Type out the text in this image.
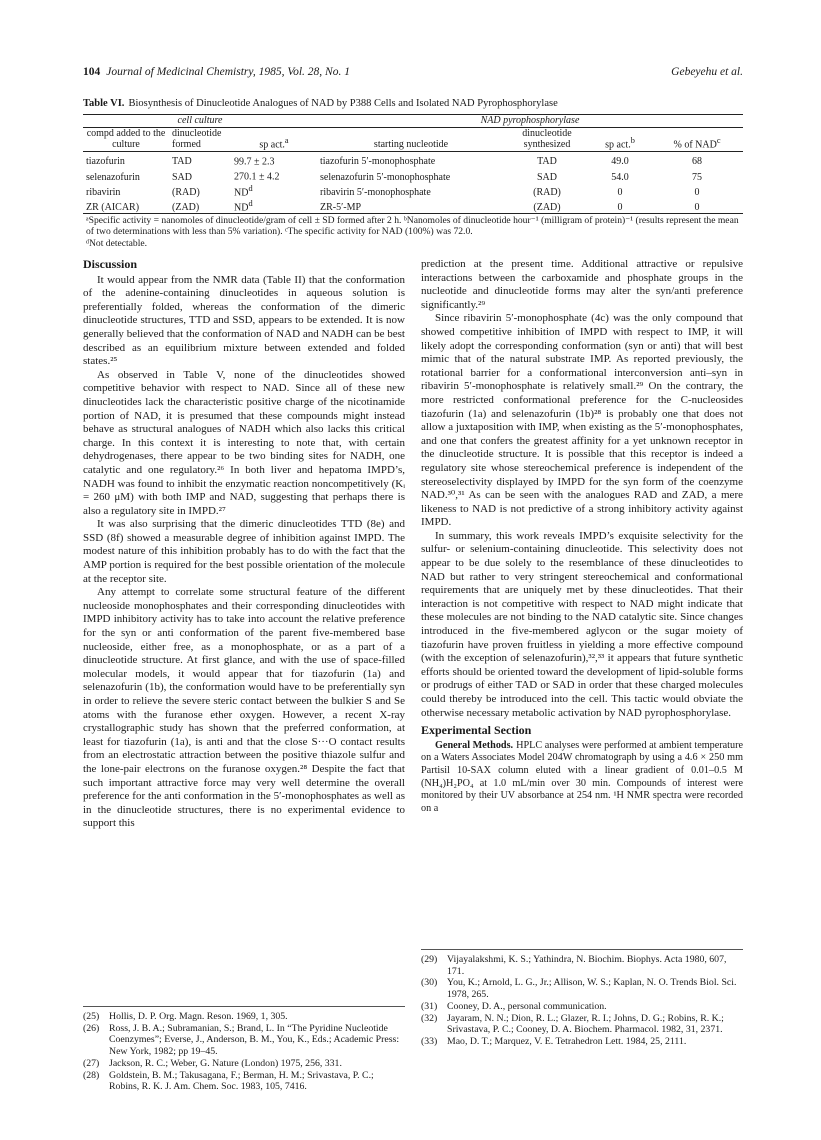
104 Journal of Medicinal Chemistry, 1985, Vol. 28, No. 1	Gebeyehu et al.
Table VI. Biosynthesis of Dinucleotide Analogues of NAD by P388 Cells and Isolated NAD Pyrophosphorylase
cell culture			NAD pyrophosphorylase			
compd added to the culture	dinucleotide formed	sp act.$^a$	starting nucleotide	dinucleotide synthesized	sp act.$^b$	% of NAD$^c$
tiazofurin	TAD	99.7 ± 2.3	tiazofurin 5′-monophosphate	TAD	49.0	68
selenazofurin	SAD	270.1 ± 4.2	selenazofurin 5′-monophosphate	SAD	54.0	75
ribavirin	(RAD)	$ND^d$	ribavirin 5′-monophosphate	(RAD)	0	0
ZR (AICAR)	(ZAD)	$ND^d$	ZR-5′-MP	(ZAD)	0	0
ᵃSpecific activity = nanomoles of dinucleotide/gram of cell ± SD formed after 2 h. ᵇNanomoles of dinucleotide hour⁻¹ (milligram of protein)⁻¹ (results represent the mean of two determinations with less than 5% variation). ᶜThe specific activity for NAD (100%) was 72.0.						
ᵈNot detectable.						
Discussion

It would appear from the NMR data (Table II) that the conformation of the adenine-containing dinucleotides in aqueous solution is preferentially folded, whereas the conformation of the dimeric dinucleotide structures, TTD and SSD, appears to be extended. It is now generally believed that the conformation of NAD and NADH can be best described as an equilibrium mixture between extended and folded states.²⁵

As observed in Table V, none of the dinucleotides showed competitive behavior with respect to NAD. Since all of these new dinucleotides lack the characteristic positive charge of the nicotinamide portion of NAD, it is presumed that these compounds might instead behave as structural analogues of NADH which also lacks this critical charge. In this context it is interesting to note that, with certain dehydrogenases, there appear to be two binding sites for NADH, one catalytic and one regulatory.²⁶ In both liver and hepatoma IMPD’s, NADH was found to inhibit the enzymatic reaction noncompetitively (Kᵢ = 260 μM) with both IMP and NAD, suggesting that perhaps there is also a regulatory site in IMPD.²⁷

It was also surprising that the dimeric dinucleotides TTD (8e) and SSD (8f) showed a measurable degree of inhibition against IMPD. The modest nature of this inhibition probably has to do with the fact that the AMP portion is required for the best possible orientation of the molecule at the receptor site.

Any attempt to correlate some structural feature of the different nucleoside monophosphates and their corresponding dinucleotides with IMPD inhibitory activity has to take into account the relative preference for the syn or anti conformation of the parent five-membered base nucleoside, either free, as a monophosphate, or as a part of a dinucleotide structure. At first glance, and with the use of space-filled molecular models, it would appear that for tiazofurin (1a) and selenazofurin (1b), the conformation would have to be preferentially syn in order to relieve the severe steric contact between the bulkier S and Se atoms with the furanose ether oxygen. However, a recent X-ray crystallographic study has shown that the preferred conformation, at least for tiazofurin (1a), is anti and that the close S···O contact results from an electrostatic attraction between the positive thiazole sulfur and the lone-pair electrons on the furanose oxygen.²⁸ Despite the fact that such important attractive force may very well determine the overall preference for the anti conformation in the 5′-monophosphates as well as in the dinucleotide structures, there is no experimental evidence to support this

prediction at the present time. Additional attractive or repulsive interactions between the carboxamide and phosphate groups in the nucleotide and dinucleotide forms may alter the syn/anti preference significantly.²⁹

Since ribavirin 5′-monophosphate (4c) was the only compound that showed competitive inhibition of IMPD with respect to IMP, it will likely adopt the corresponding conformation (syn or anti) that will best mimic that of the natural substrate IMP. As reported previously, the rotational barrier for a conformational interconversion anti–syn in ribavirin 5′-monophosphate is relatively small.²⁹ On the contrary, the more restricted conformational preference for the C-nucleosides tiazofurin (1a) and selenazofurin (1b)²⁸ is probably one that does not allow a juxtaposition with IMP, when existing as the 5′-monophosphates, and one that confers the greatest affinity for a yet unknown receptor in the dinucleotide structure. It is possible that this receptor is indeed a regulatory site whose stereochemical preference is independent of the stereoselectivity displayed by IMPD for the syn form of the coenzyme NAD.³⁰,³¹ As can be seen with the analogues RAD and ZAD, a mere likeness to NAD is not predictive of a strong inhibitory activity against IMPD.

In summary, this work reveals IMPD’s exquisite selectivity for the sulfur- or selenium-containing dinucleotide. This selectivity does not appear to be due solely to the resemblance of these dinucleotides to NAD but rather to very stringent stereochemical and conformational requirements that are uniquely met by these dinucleotides. That their interaction is not competitive with respect to NAD might indicate that these molecules are not binding to the NAD catalytic site. Since changes introduced in the five-membered aglycon or the sugar moiety of tiazofurin have proven fruitless in yielding a more effective compound (with the exception of selenazofurin),³²,³³ it appears that future synthetic efforts should be oriented toward the development of lipid-soluble forms or prodrugs of either TAD or SAD in order that these charged molecules could thereby be introduced into the cell. This tactic would obviate the otherwise necessary metabolic activation by NAD pyrophosphorylase.

Experimental Section

General Methods. HPLC analyses were performed at ambient temperature on a Waters Associates Model 204W chromatograph by using a 4.6 × 250 mm Partisil 10-SAX column eluted with a linear gradient of 0.01–0.5 M (NH₄)H₂PO₄ at 1.0 mL/min over 30 min. Compounds of interest were monitored by their UV absorbance at 254 nm. ¹H NMR spectra were recorded on a

(25) Hollis, D. P. Org. Magn. Reson. 1969, 1, 305.
(26) Ross, J. B. A.; Subramanian, S.; Brand, L. In “The Pyridine Nucleotide Coenzymes”; Everse, J., Anderson, B. M., You, K., Eds.; Academic Press: New York, 1982; pp 19–45.
(27) Jackson, R. C.; Weber, G. Nature (London) 1975, 256, 331.
(28) Goldstein, B. M.; Takusagana, F.; Berman, H. M.; Srivastava, P. C.; Robins, R. K. J. Am. Chem. Soc. 1983, 105, 7416.
(29) Vijayalakshmi, K. S.; Yathindra, N. Biochim. Biophys. Acta 1980, 607, 171.
(30) You, K.; Arnold, L. G., Jr.; Allison, W. S.; Kaplan, N. O. Trends Biol. Sci. 1978, 265.
(31) Cooney, D. A., personal communication.
(32) Jayaram, N. N.; Dion, R. L.; Glazer, R. I.; Johns, D. G.; Robins, R. K.; Srivastava, P. C.; Cooney, D. A. Biochem. Pharmacol. 1982, 31, 2371.
(33) Mao, D. T.; Marquez, V. E. Tetrahedron Lett. 1984, 25, 2111.
